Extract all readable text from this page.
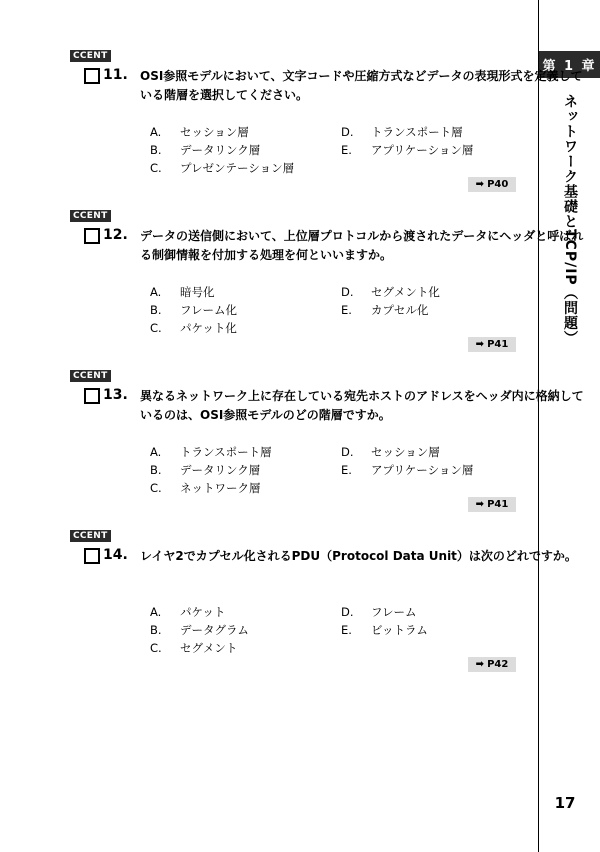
第 1 章
ネットワーク基礎とTCP/IP（問題）
17
CCENT
11. OSI参照モデルにおいて、文字コードや圧縮方式などデータの表現形式を定義している階層を選択してください。
A. セッション層
B. データリンク層
C. プレゼンテーション層
D. トランスポート層
E. アプリケーション層
➡ P40
CCENT
12. データの送信側において、上位層プロトコルから渡されたデータにヘッダと呼ばれる制御情報を付加する処理を何といいますか。
A. 暗号化
B. フレーム化
C. パケット化
D. セグメント化
E. カプセル化
➡ P41
CCENT
13. 異なるネットワーク上に存在している宛先ホストのアドレスをヘッダ内に格納しているのは、OSI参照モデルのどの階層ですか。
A. トランスポート層
B. データリンク層
C. ネットワーク層
D. セッション層
E. アプリケーション層
➡ P41
CCENT
14. レイヤ2でカプセル化されるPDU（Protocol Data Unit）は次のどれですか。
A. パケット
B. データグラム
C. セグメント
D. フレーム
E. ビットラム
➡ P42
